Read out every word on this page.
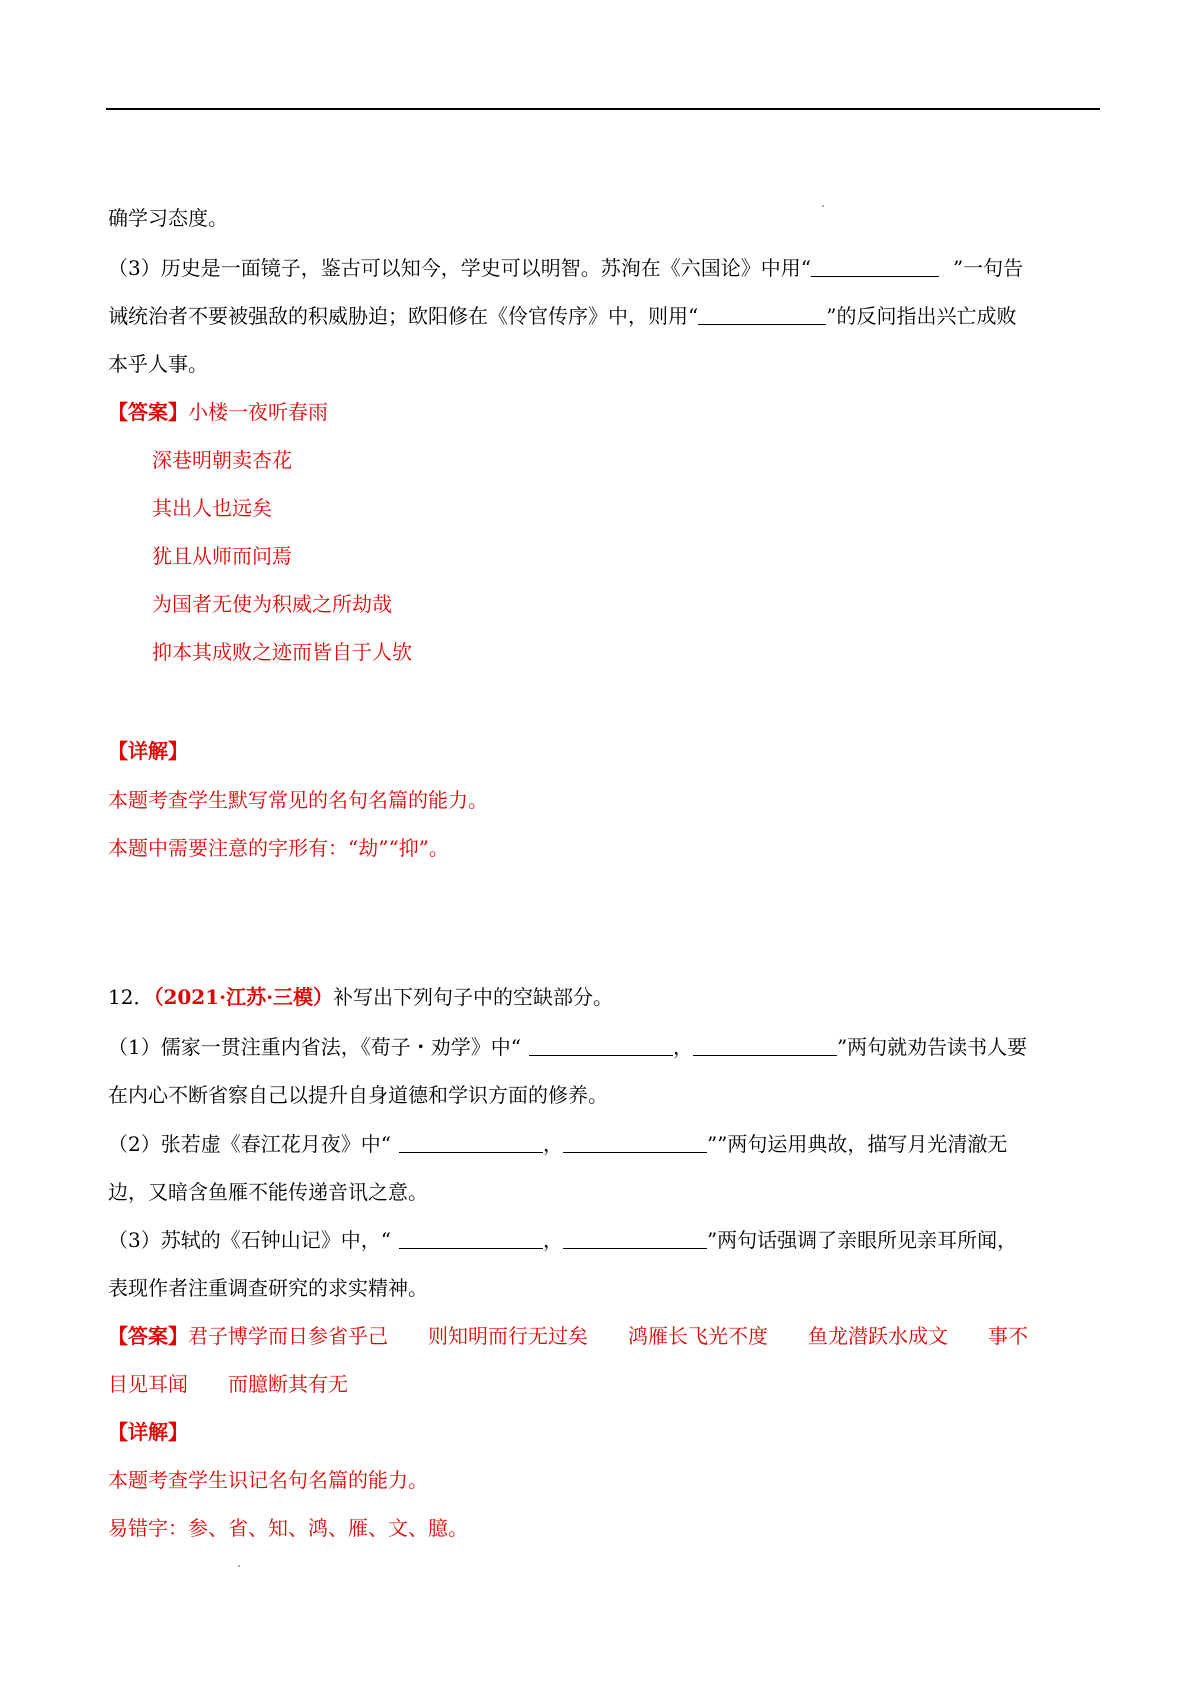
确学习态度。
（3）历史是一面镜子，鉴古可以知今，学史可以明智。苏洵在《六国论》中用“	”一句告
诫统治者不要被强敌的积威胁迫；欧阳修在《伶官传序》中，则用“	”的反问指出兴亡成败
本乎人事。
【答案】小楼一夜听春雨
深巷明朝卖杏花
其出人也远矣
犹且从师而问焉
为国者无使为积威之所劫哉
抑本其成败之迹而皆自于人欤
【详解】
本题考查学生默写常见的名句名篇的能力。
本题中需要注意的字形有：“劫”“抑”。
12．（2021·江苏·三模）补写出下列句子中的空缺部分。
（1）儒家一贯注重内省法，《荀子・劝学》中“	，	”两句就劝告读书人要
在内心不断省察自己以提升自身道德和学识方面的修养。
（2）张若虚《春江花月夜》中“	，	””两句运用典故，描写月光清澈无
边，又暗含鱼雁不能传递音讯之意。
（3）苏轼的《石钟山记》中，“	，	”两句话强调了亲眼所见亲耳所闻，
表现作者注重调查研究的求实精神。
【答案】君子博学而日参省乎己 则知明而行无过矣 鸿雁长飞光不度 鱼龙潜跃水成文 事不
目见耳闻 而臆断其有无
【详解】
本题考查学生识记名句名篇的能力。
易错字：参、省、知、鸿、雁、文、臆。
